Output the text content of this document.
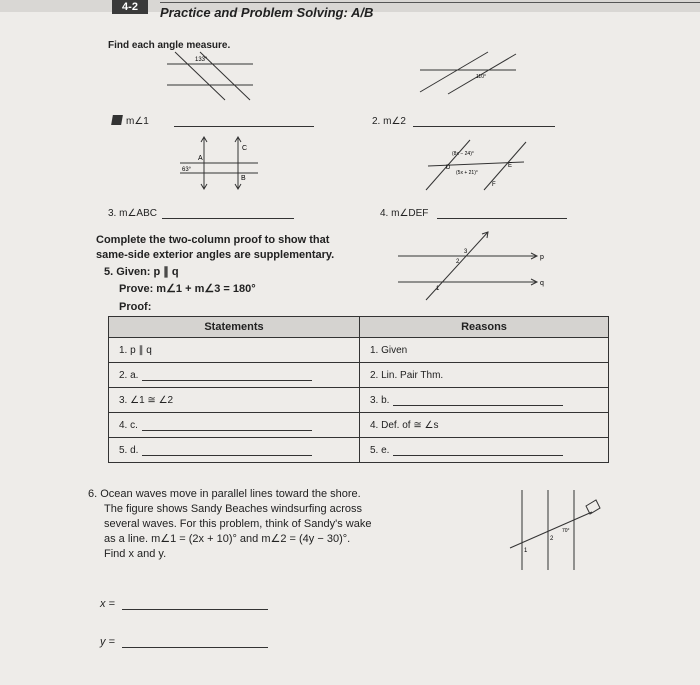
4-2	Practice and Problem Solving: A/B
Find each angle measure.
133°
m∠1
110°
2. m∠2
A
B
C
63°
3. m∠ABC
(8x − 24)°
(5x + 21)°
D	E
F
4. m∠DEF
Complete the two-column proof to show that
same-side exterior angles are supplementary.
5. Given: p ∥ q
Prove: m∠1 + m∠3 = 180°
Proof:
3
2
1
p
q
Statements	Reasons
1. p ∥ q	1. Given
2. a.	2. Lin. Pair Thm.
3. ∠1 ≅ ∠2	3. b.
4. c.	4. Def. of ≅ ∠s
5. d.	5. e.
6. Ocean waves move in parallel lines toward the shore.
The figure shows Sandy Beaches windsurfing across
several waves. For this problem, think of Sandy's wake
as a line. m∠1 = (2x + 10)° and m∠2 = (4y − 30)°.
Find x and y.	1
2
70°
x =
y =
